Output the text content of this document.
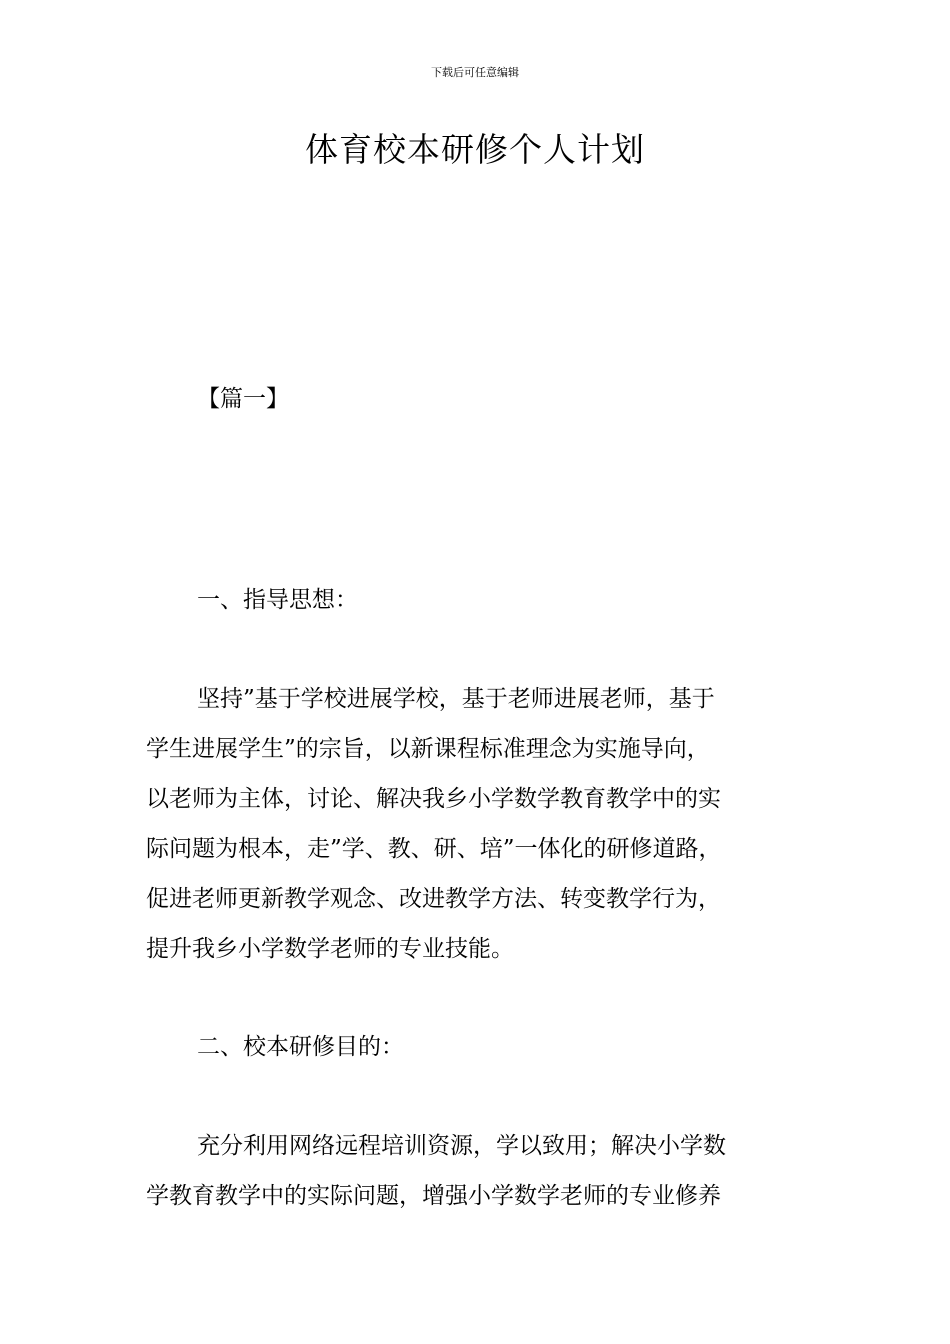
下载后可任意编辑
体育校本研修个人计划
【篇一】
一、指导思想：

坚持”基于学校进展学校，基于老师进展老师，基于
学生进展学生”的宗旨，以新课程标准理念为实施导向，
以老师为主体，讨论、解决我乡小学数学教育教学中的实
际问题为根本，走”学、教、研、培”一体化的研修道路，
促进老师更新教学观念、改进教学方法、转变教学行为，
提升我乡小学数学老师的专业技能。

二、校本研修目的：

充分利用网络远程培训资源，学以致用；解决小学数
学教育教学中的实际问题，增强小学数学老师的专业修养
